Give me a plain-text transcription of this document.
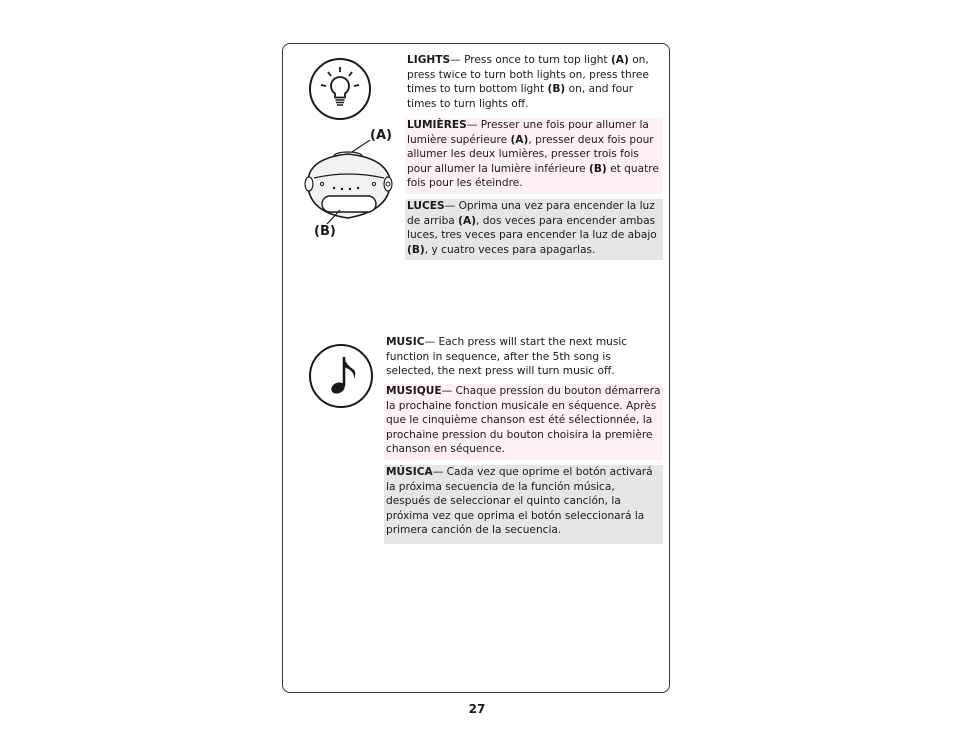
(A)
(B)
LIGHTS— Press once to turn top light (A) on, press twice to turn both lights on, press three times to turn bottom light (B) on, and four times to turn lights off.
LUMIÈRES— Presser une fois pour allumer la lumière supérieure (A), presser deux fois pour allumer les deux lumières, presser trois fois pour allumer la lumière inférieure (B) et quatre fois pour les éteindre.
LUCES— Oprima una vez para encender la luz de arriba (A), dos veces para encender ambas luces, tres veces para encender la luz de abajo (B), y cuatro veces para apagarlas.
MUSIC— Each press will start the next music function in sequence, after the 5th song is selected, the next press will turn music off.
MUSIQUE— Chaque pression du bouton démarrera la prochaine fonction musicale en séquence. Après que le cinquième chanson est été sélectionnée, la prochaine pression du bouton choisira la première chanson en séquence.
MÚSICA— Cada vez que oprime el botón activará la próxima secuencia de la función música, después de seleccionar el quinto canción, la próxima vez que oprima el botón seleccionará la primera canción de la secuencia.
27
